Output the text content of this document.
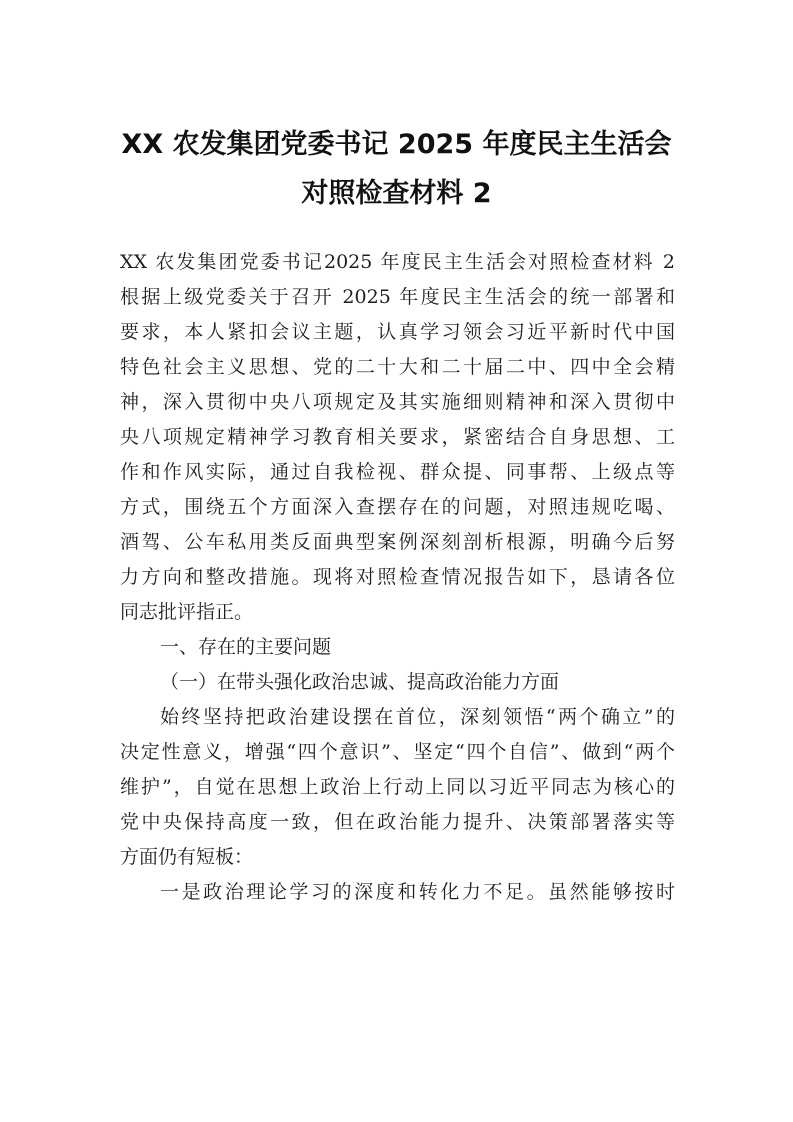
XX 农发集团党委书记 2025 年度民主生活会
对照检查材料 2
XX 农发集团党委书记2025 年度民主生活会对照检查材料 2
根据上级党委关于召开 2025 年度民主生活会的统一部署和
要求，本人紧扣会议主题，认真学习领会习近平新时代中国
特色社会主义思想、党的二十大和二十届二中、四中全会精
神，深入贯彻中央八项规定及其实施细则精神和深入贯彻中
央八项规定精神学习教育相关要求，紧密结合自身思想、工
作和作风实际，通过自我检视、群众提、同事帮、上级点等
方式，围绕五个方面深入查摆存在的问题，对照违规吃喝、
酒驾、公车私用类反面典型案例深刻剖析根源，明确今后努
力方向和整改措施。现将对照检查情况报告如下，恳请各位
同志批评指正。
一、存在的主要问题
（一）在带头强化政治忠诚、提高政治能力方面
始终坚持把政治建设摆在首位，深刻领悟“两个确立”的
决定性意义，增强“四个意识”、坚定“四个自信”、做到“两个
维护”，自觉在思想上政治上行动上同以习近平同志为核心的
党中央保持高度一致，但在政治能力提升、决策部署落实等
方面仍有短板：
一是政治理论学习的深度和转化力不足。虽然能够按时
